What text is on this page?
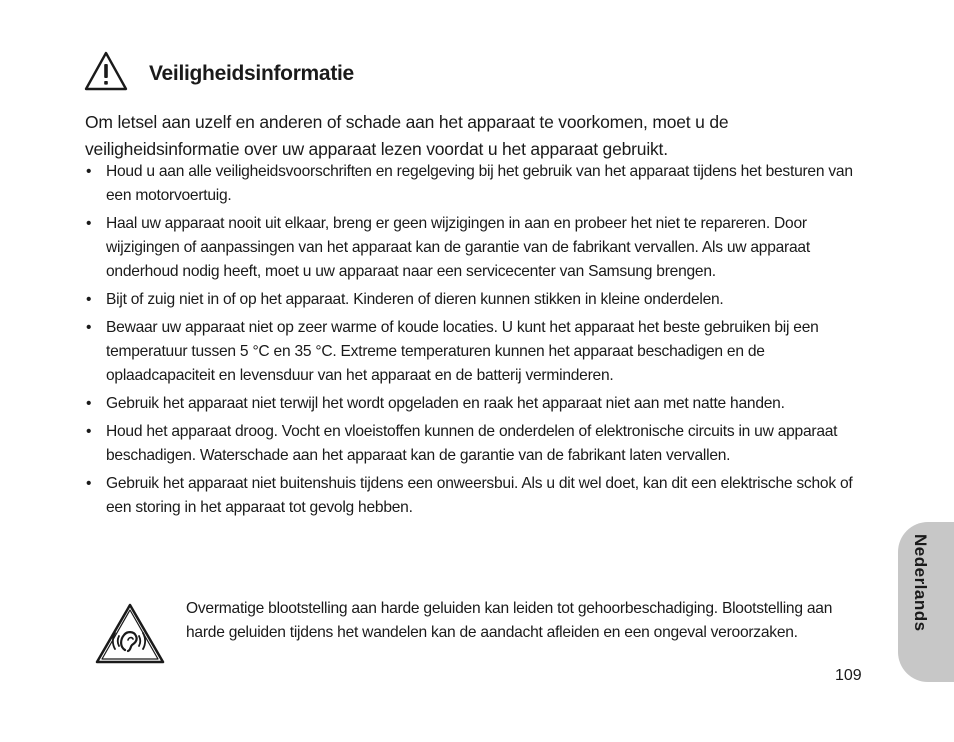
Veiligheidsinformatie
Om letsel aan uzelf en anderen of schade aan het apparaat te voorkomen, moet u de veiligheidsinformatie over uw apparaat lezen voordat u het apparaat gebruikt.
• Houd u aan alle veiligheidsvoorschriften en regelgeving bij het gebruik van het apparaat tijdens het besturen van een motorvoertuig.
• Haal uw apparaat nooit uit elkaar, breng er geen wijzigingen in aan en probeer het niet te repareren. Door wijzigingen of aanpassingen van het apparaat kan de garantie van de fabrikant vervallen. Als uw apparaat onderhoud nodig heeft, moet u uw apparaat naar een servicecenter van Samsung brengen.
• Bijt of zuig niet in of op het apparaat. Kinderen of dieren kunnen stikken in kleine onderdelen.
• Bewaar uw apparaat niet op zeer warme of koude locaties. U kunt het apparaat het beste gebruiken bij een temperatuur tussen 5 °C en 35 °C. Extreme temperaturen kunnen het apparaat beschadigen en de oplaadcapaciteit en levensduur van het apparaat en de batterij verminderen.
• Gebruik het apparaat niet terwijl het wordt opgeladen en raak het apparaat niet aan met natte handen.
• Houd het apparaat droog. Vocht en vloeistoffen kunnen de onderdelen of elektronische circuits in uw apparaat beschadigen. Waterschade aan het apparaat kan de garantie van de fabrikant laten vervallen.
• Gebruik het apparaat niet buitenshuis tijdens een onweersbui. Als u dit wel doet, kan dit een elektrische schok of een storing in het apparaat tot gevolg hebben.
Overmatige blootstelling aan harde geluiden kan leiden tot gehoorbeschadiging. Blootstelling aan harde geluiden tijdens het wandelen kan de aandacht afleiden en een ongeval veroorzaken.
109
Nederlands
